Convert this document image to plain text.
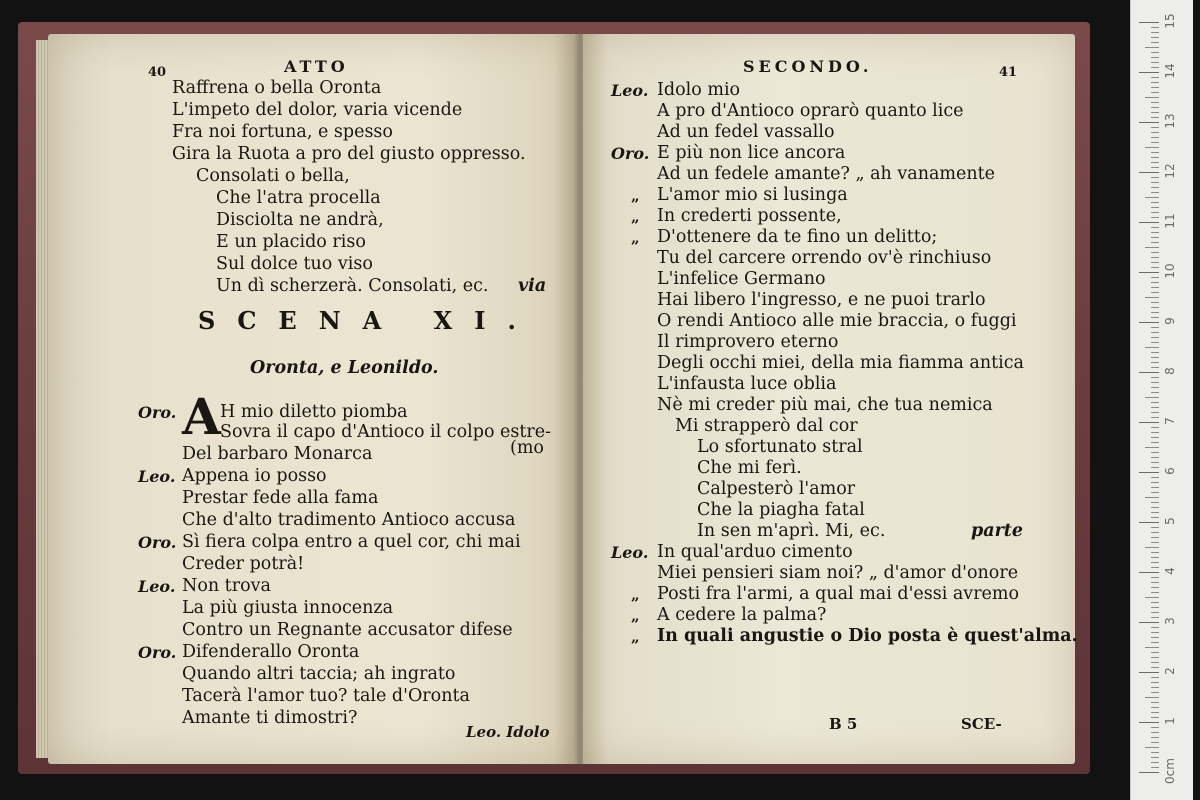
40	ATTO
Raffrena o bella Oronta
L'impeto del dolor, varia vicende
Fra noi fortuna, e spesso
Gira la Ruota a pro del giusto oppresso.
Consolati o bella,
Che l'atra procella
Disciolta ne andrà,
E un placido riso
Sul dolce tuo viso
Un dì scherzerà. Consolati, ec. via
SCENA XI.
Oronta, e Leonildo.
Oro. A H mio diletto piomba
Sovra il capo d'Antioco il colpo estre-
Del barbaro Monarca	(mo
Leo. Appena io posso
Prestar fede alla fama
Che d'alto tradimento Antioco accusa
Oro. Sì fiera colpa entro a quel cor, chi mai
Creder potrà!
Leo. Non trova
La più giusta innocenza
Contro un Regnante accusator difese
Oro. Difenderallo Oronta
Quando altri taccia; ah ingrato
Tacerà l'amor tuo? tale d'Oronta
Amante ti dimostri?
Leo. Idolo
SECONDO.	41
Leo. Idolo mio
A pro d'Antioco oprarò quanto lice
Ad un fedel vassallo
Oro. E più non lice ancora
Ad un fedele amante? „ ah vanamente
„ L'amor mio si lusinga
„ In crederti possente,
„ D'ottenere da te fino un delitto;
Tu del carcere orrendo ov'è rinchiuso
L'infelice Germano
Hai libero l'ingresso, e ne puoi trarlo
O rendi Antioco alle mie braccia, o fuggi
Il rimprovero eterno
Degli occhi miei, della mia fiamma antica
L'infausta luce oblia
Nè mi creder più mai, che tua nemica
Mi strapperò dal cor
Lo sfortunato stral
Che mi ferì.
Calpesterò l'amor
Che la piagha fatal
In sen m'aprì. Mi, ec.	parte
Leo. In qual'arduo cimento
Miei pensieri siam noi? „ d'amor d'onore
„ Posti fra l'armi, a qual mai d'essi avremo
„ A cedere la palma?
„ In quali angustie o Dio posta è quest'alma.
B 5	SCE-
15
14
13
12
11
10
9
8
7
6
5
4
3
2
1
0cm
